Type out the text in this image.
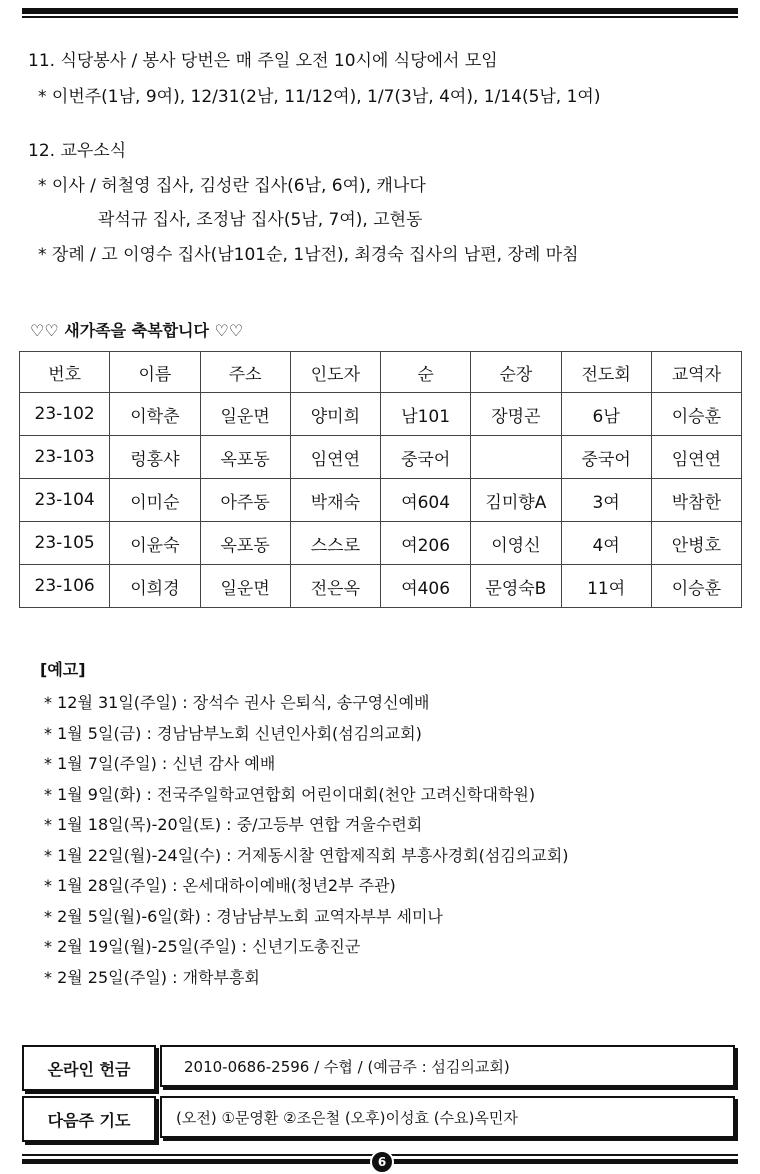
11. 식당봉사 / 봉사 당번은 매 주일 오전 10시에 식당에서 모임
* 이번주(1남, 9여), 12/31(2남, 11/12여), 1/7(3남, 4여), 1/14(5남, 1여)
12. 교우소식
* 이사 / 허철영 집사, 김성란 집사(6남, 6여), 캐나다
곽석규 집사, 조정남 집사(5남, 7여), 고현동
* 장례 / 고 이영수 집사(남101순, 1남전), 최경숙 집사의 남편, 장례 마침
♡♡ 새가족을 축복합니다 ♡♡
번호	이름	주소	인도자	순	순장	전도회	교역자
23-102	이학춘	일운면	양미희	남101	장명곤	6남	이승훈
23-103	렁홍샤	옥포동	임연연	중국어		중국어	임연연
23-104	이미순	아주동	박재숙	여604	김미향A	3여	박참한
23-105	이윤숙	옥포동	스스로	여206	이영신	4여	안병호
23-106	이희경	일운면	전은옥	여406	문영숙B	11여	이승훈
[예고]
* 12월 31일(주일) : 장석수 권사 은퇴식, 송구영신예배
* 1월 5일(금) : 경남남부노회 신년인사회(섬김의교회)
* 1월 7일(주일) : 신년 감사 예배
* 1월 9일(화) : 전국주일학교연합회 어린이대회(천안 고려신학대학원)
* 1월 18일(목)-20일(토) : 중/고등부 연합 겨울수련회
* 1월 22일(월)-24일(수) : 거제동시찰 연합제직회 부흥사경회(섬김의교회)
* 1월 28일(주일) : 온세대하이예배(청년2부 주관)
* 2월 5일(월)-6일(화) : 경남남부노회 교역자부부 세미나
* 2월 19일(월)-25일(주일) : 신년기도총진군
* 2월 25일(주일) : 개학부흥회
온라인 헌금	2010-0686-2596 / 수협 / (예금주 : 섬김의교회)
다음주 기도	(오전) ①문영환 ②조은철 (오후)이성효 (수요)옥민자
6
